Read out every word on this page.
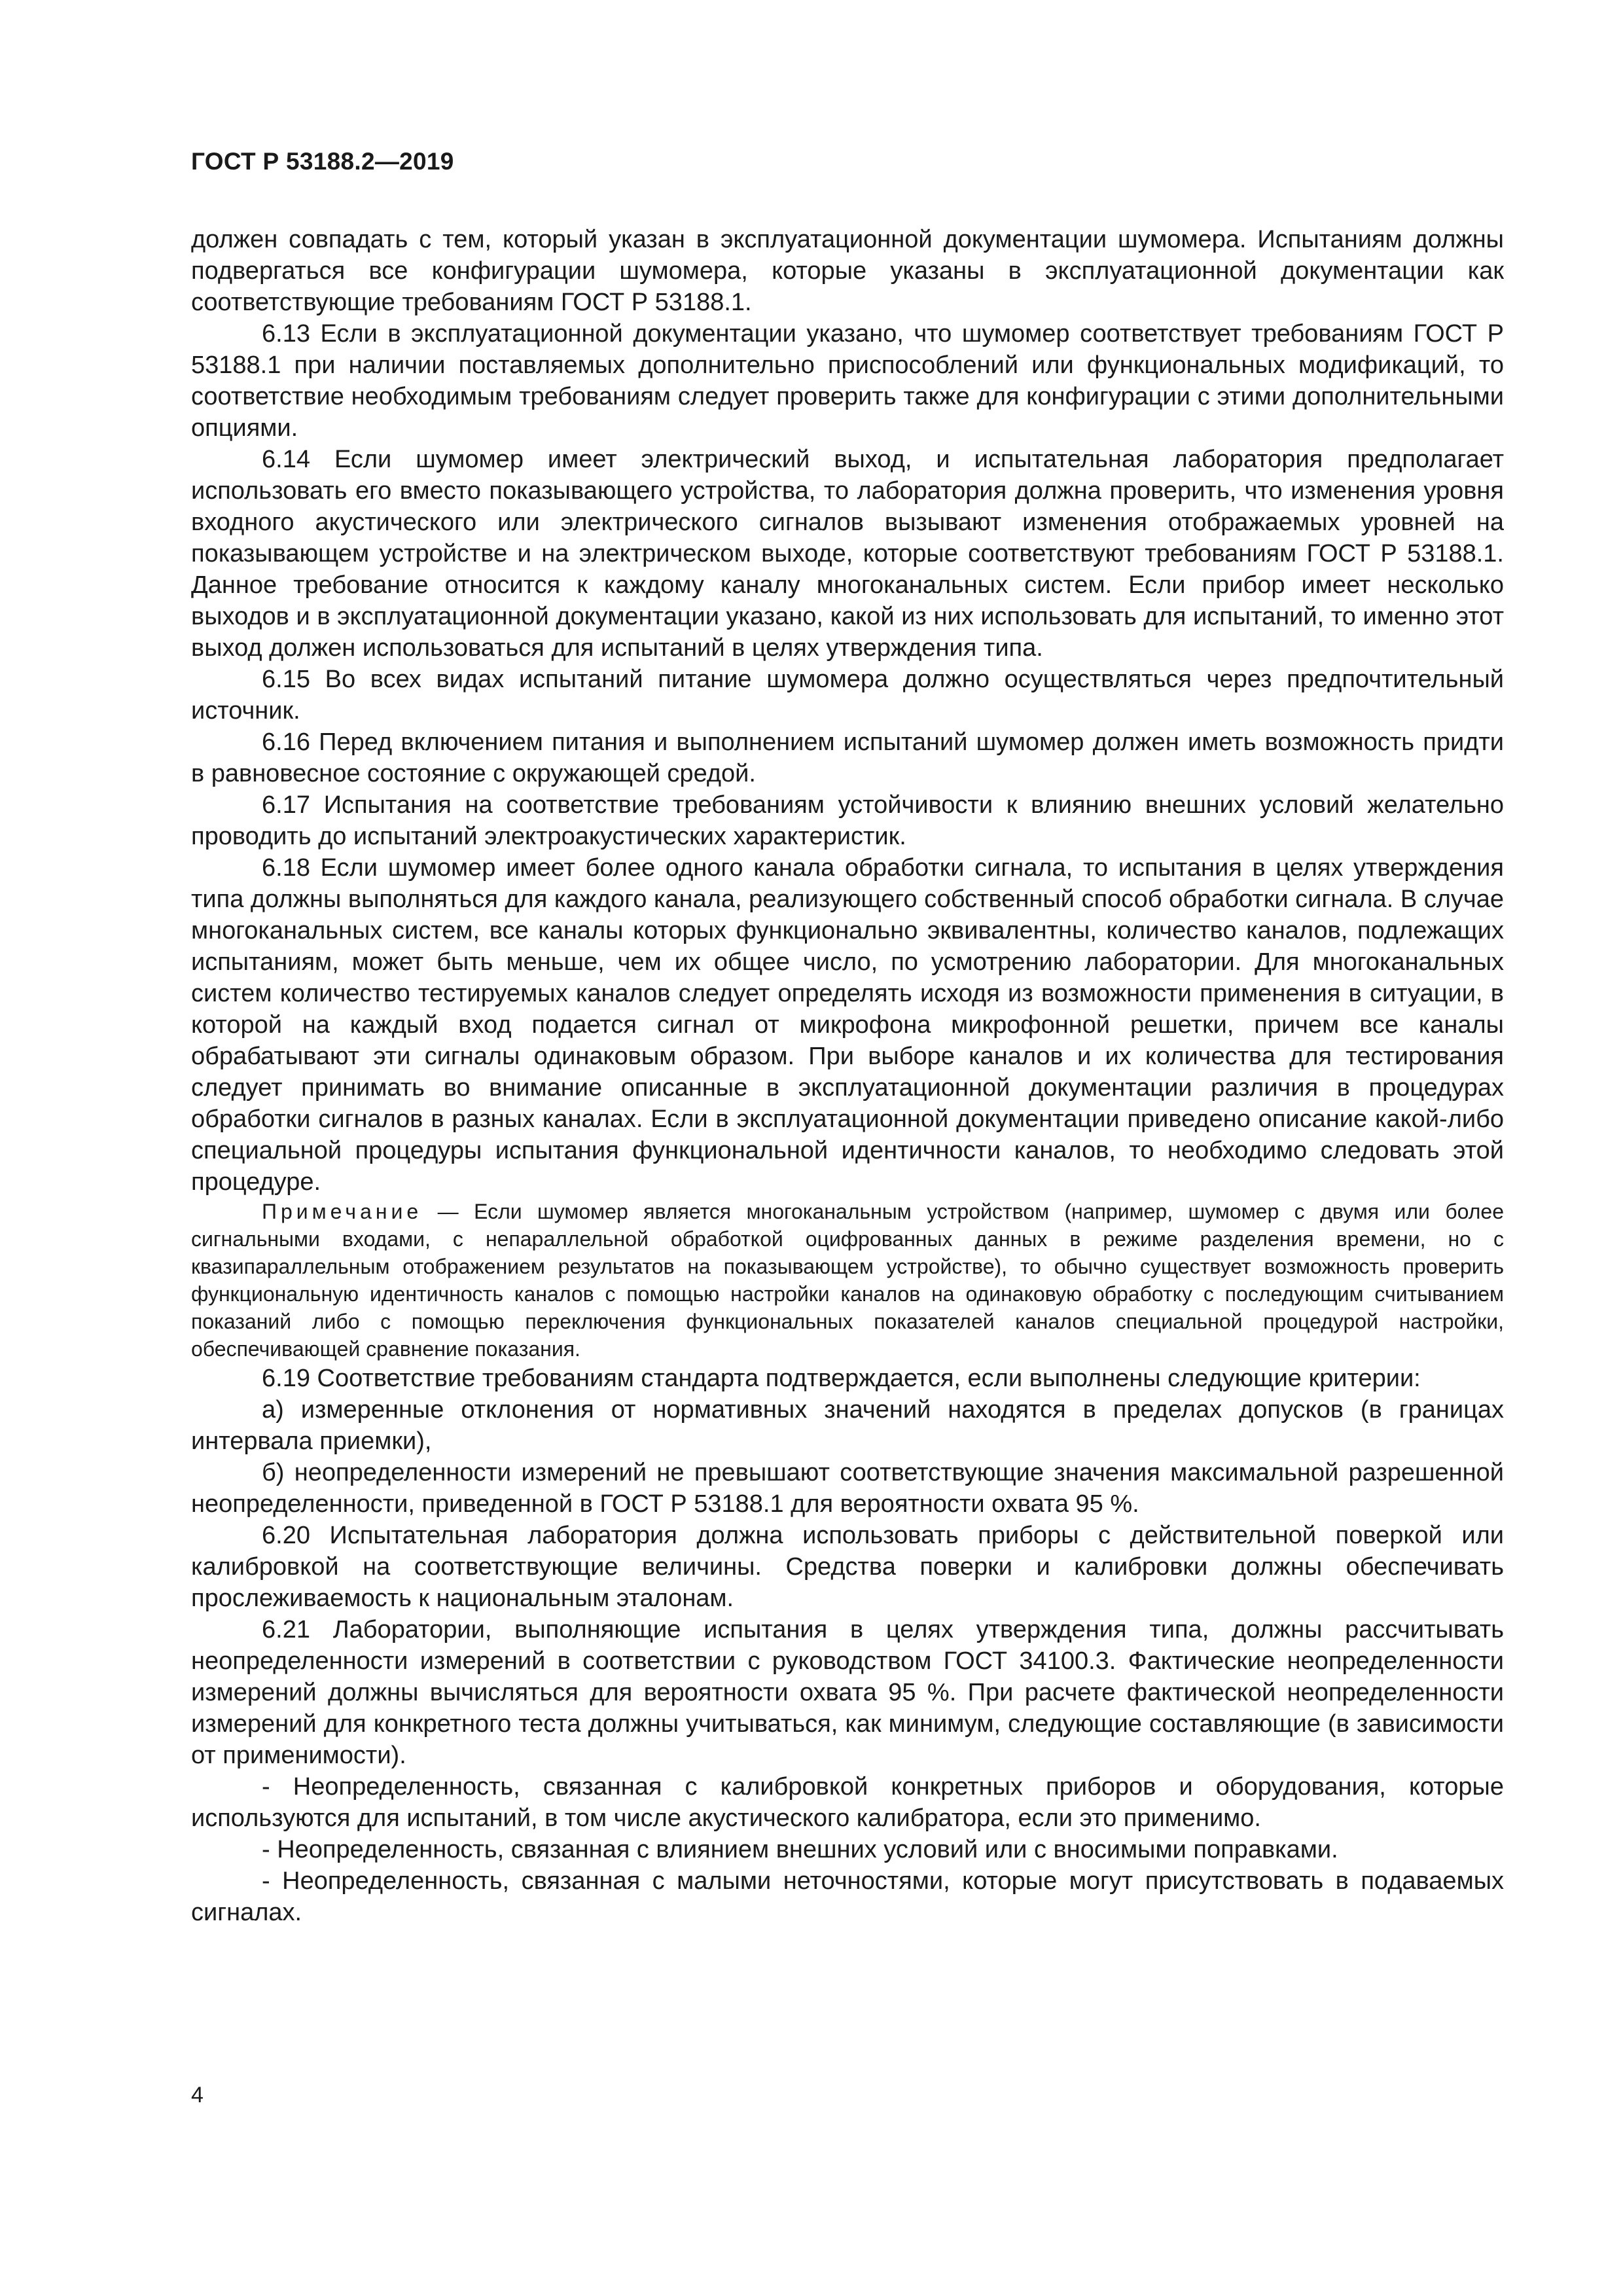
ГОСТ Р 53188.2—2019

должен совпадать с тем, который указан в эксплуатационной документации шумомера. Испытаниям должны подвергаться все конфигурации шумомера, которые указаны в эксплуатационной документации как соответствующие требованиям ГОСТ Р 53188.1.

6.13 Если в эксплуатационной документации указано, что шумомер соответствует требованиям ГОСТ Р 53188.1 при наличии поставляемых дополнительно приспособлений или функциональных модификаций, то соответствие необходимым требованиям следует проверить также для конфигурации с этими дополнительными опциями.

6.14 Если шумомер имеет электрический выход, и испытательная лаборатория предполагает использовать его вместо показывающего устройства, то лаборатория должна проверить, что изменения уровня входного акустического или электрического сигналов вызывают изменения отображаемых уровней на показывающем устройстве и на электрическом выходе, которые соответствуют требованиям ГОСТ Р 53188.1. Данное требование относится к каждому каналу многоканальных систем. Если прибор имеет несколько выходов и в эксплуатационной документации указано, какой из них использовать для испытаний, то именно этот выход должен использоваться для испытаний в целях утверждения типа.

6.15 Во всех видах испытаний питание шумомера должно осуществляться через предпочтительный источник.

6.16 Перед включением питания и выполнением испытаний шумомер должен иметь возможность придти в равновесное состояние с окружающей средой.

6.17 Испытания на соответствие требованиям устойчивости к влиянию внешних условий желательно проводить до испытаний электроакустических характеристик.

6.18 Если шумомер имеет более одного канала обработки сигнала, то испытания в целях утверждения типа должны выполняться для каждого канала, реализующего собственный способ обработки сигнала. В случае многоканальных систем, все каналы которых функционально эквивалентны, количество каналов, подлежащих испытаниям, может быть меньше, чем их общее число, по усмотрению лаборатории. Для многоканальных систем количество тестируемых каналов следует определять исходя из возможности применения в ситуации, в которой на каждый вход подается сигнал от микрофона микрофонной решетки, причем все каналы обрабатывают эти сигналы одинаковым образом. При выборе каналов и их количества для тестирования следует принимать во внимание описанные в эксплуатационной документации различия в процедурах обработки сигналов в разных каналах. Если в эксплуатационной документации приведено описание какой-либо специальной процедуры испытания функциональной идентичности каналов, то необходимо следовать этой процедуре.

Примечание — Если шумомер является многоканальным устройством (например, шумомер с двумя или более сигнальными входами, с непараллельной обработкой оцифрованных данных в режиме разделения времени, но с квазипараллельным отображением результатов на показывающем устройстве), то обычно существует возможность проверить функциональную идентичность каналов с помощью настройки каналов на одинаковую обработку с последующим считыванием показаний либо с помощью переключения функциональных показателей каналов специальной процедурой настройки, обеспечивающей сравнение показания.

6.19 Соответствие требованиям стандарта подтверждается, если выполнены следующие критерии:

а) измеренные отклонения от нормативных значений находятся в пределах допусков (в границах интервала приемки),

б) неопределенности измерений не превышают соответствующие значения максимальной разрешенной неопределенности, приведенной в ГОСТ Р 53188.1 для вероятности охвата 95 %.

6.20 Испытательная лаборатория должна использовать приборы с действительной поверкой или калибровкой на соответствующие величины. Средства поверки и калибровки должны обеспечивать прослеживаемость к национальным эталонам.

6.21 Лаборатории, выполняющие испытания в целях утверждения типа, должны рассчитывать неопределенности измерений в соответствии с руководством ГОСТ 34100.3. Фактические неопределенности измерений должны вычисляться для вероятности охвата 95 %. При расчете фактической неопределенности измерений для конкретного теста должны учитываться, как минимум, следующие составляющие (в зависимости от применимости).

- Неопределенность, связанная с калибровкой конкретных приборов и оборудования, которые используются для испытаний, в том числе акустического калибратора, если это применимо.

- Неопределенность, связанная с влиянием внешних условий или с вносимыми поправками.

- Неопределенность, связанная с малыми неточностями, которые могут присутствовать в подаваемых сигналах.

4
